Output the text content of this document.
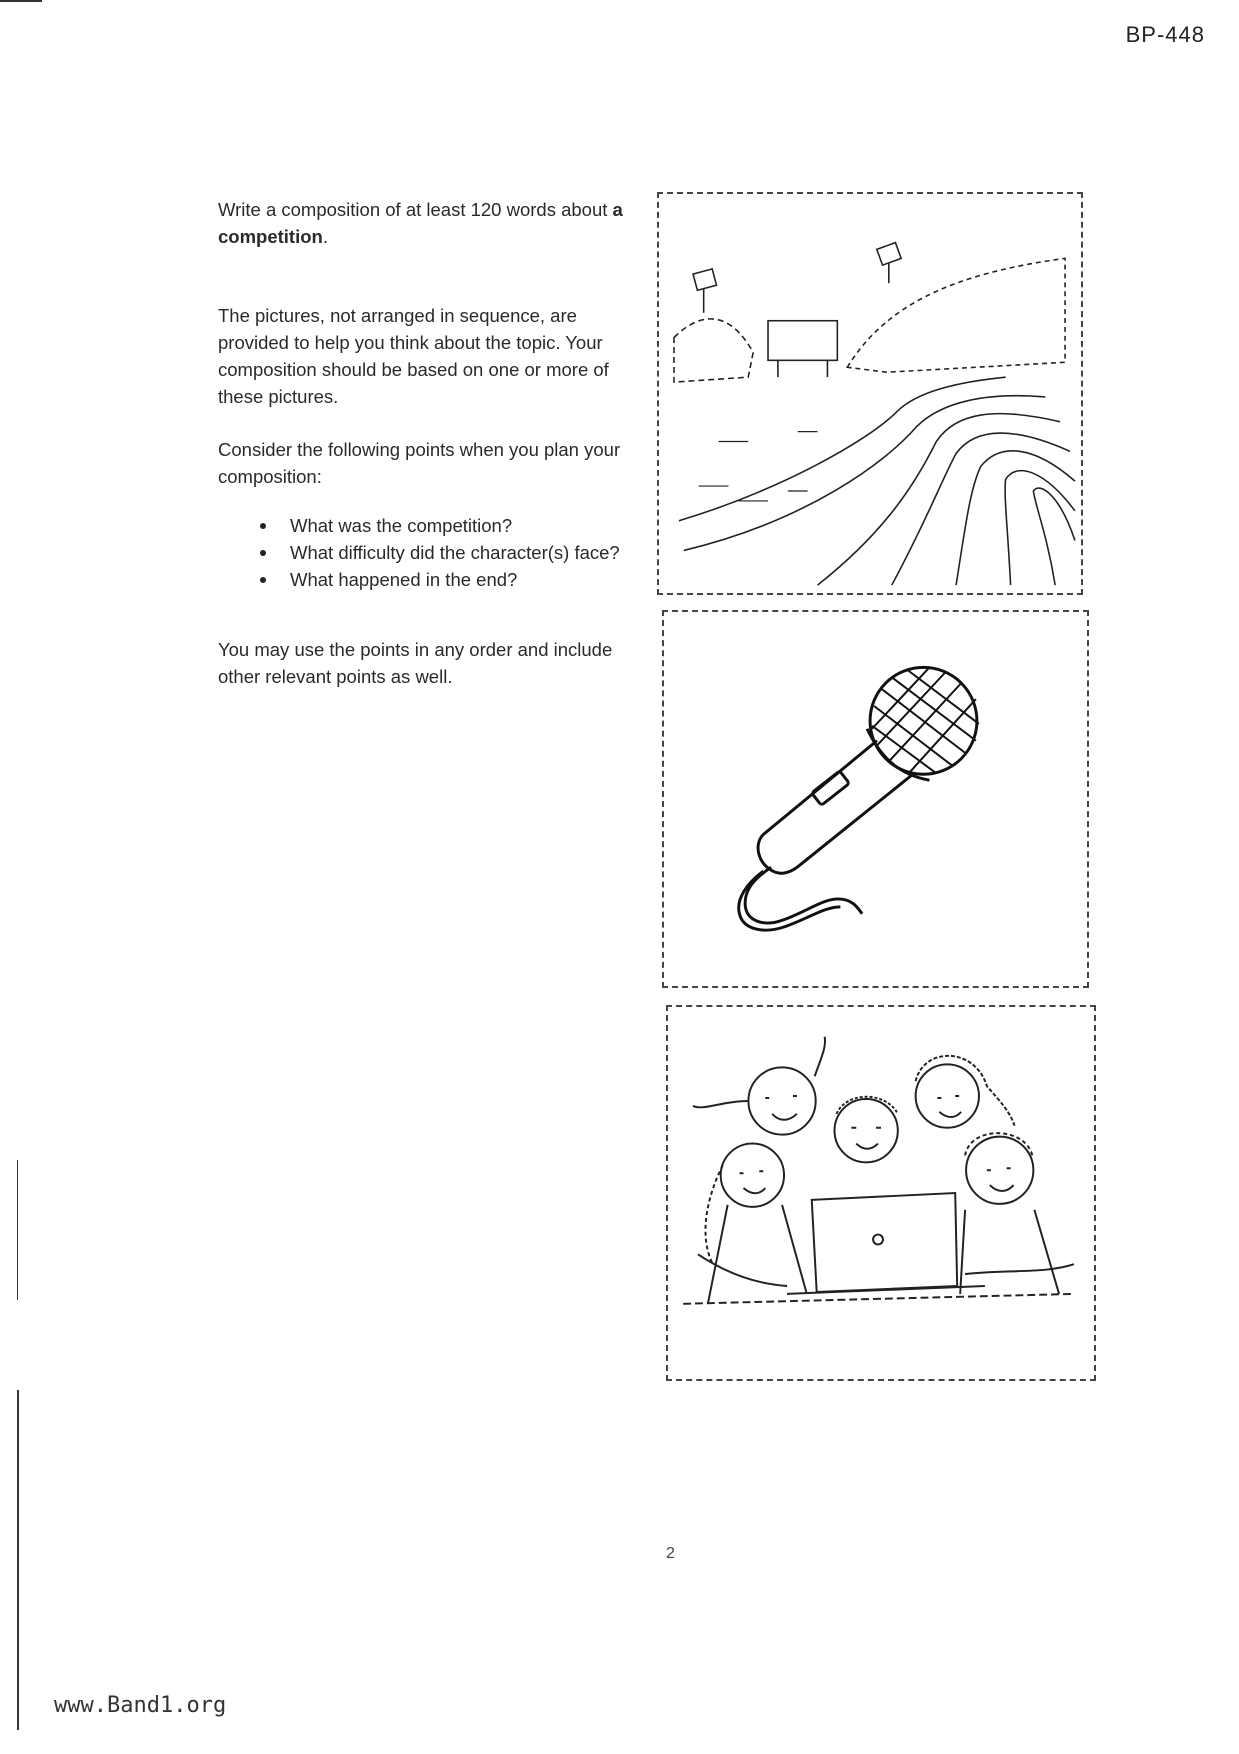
BP-448

Write a composition of at least 120 words about a competition.

The pictures, not arranged in sequence, are provided to help you think about the topic. Your composition should be based on one or more of these pictures.

Consider the following points when you plan your composition:

What was the competition?
What difficulty did the character(s) face?
What happened in the end?

You may use the points in any order and include other relevant points as well.

2
www.Band1.org
